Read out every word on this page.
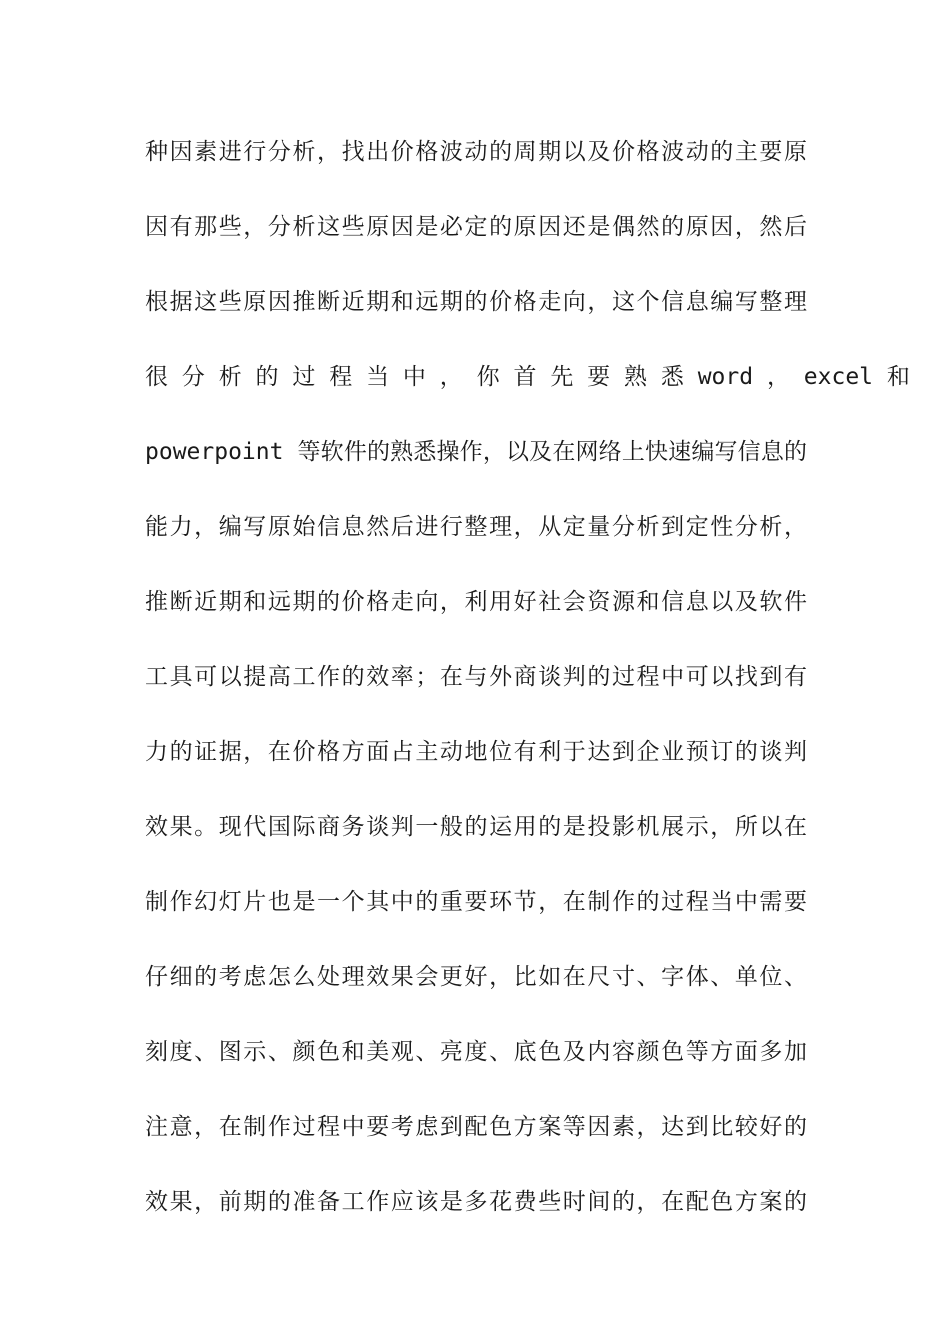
种因素进行分析，找出价格波动的周期以及价格波动的主要原
因有那些，分析这些原因是必定的原因还是偶然的原因，然后
根据这些原因推断近期和远期的价格走向，这个信息编写整理
很 分 析 的 过 程 当 中 ， 你 首 先 要 熟 悉 word ， excel 和
powerpoint 等软件的熟悉操作，以及在网络上快速编写信息的
能力，编写原始信息然后进行整理，从定量分析到定性分析，
推断近期和远期的价格走向，利用好社会资源和信息以及软件
工具可以提高工作的效率；在与外商谈判的过程中可以找到有
力的证据，在价格方面占主动地位有利于达到企业预订的谈判
效果。现代国际商务谈判一般的运用的是投影机展示，所以在
制作幻灯片也是一个其中的重要环节，在制作的过程当中需要
仔细的考虑怎么处理效果会更好，比如在尺寸、字体、单位、
刻度、图示、颜色和美观、亮度、底色及内容颜色等方面多加
注意，在制作过程中要考虑到配色方案等因素，达到比较好的
效果，前期的准备工作应该是多花费些时间的，在配色方案的
